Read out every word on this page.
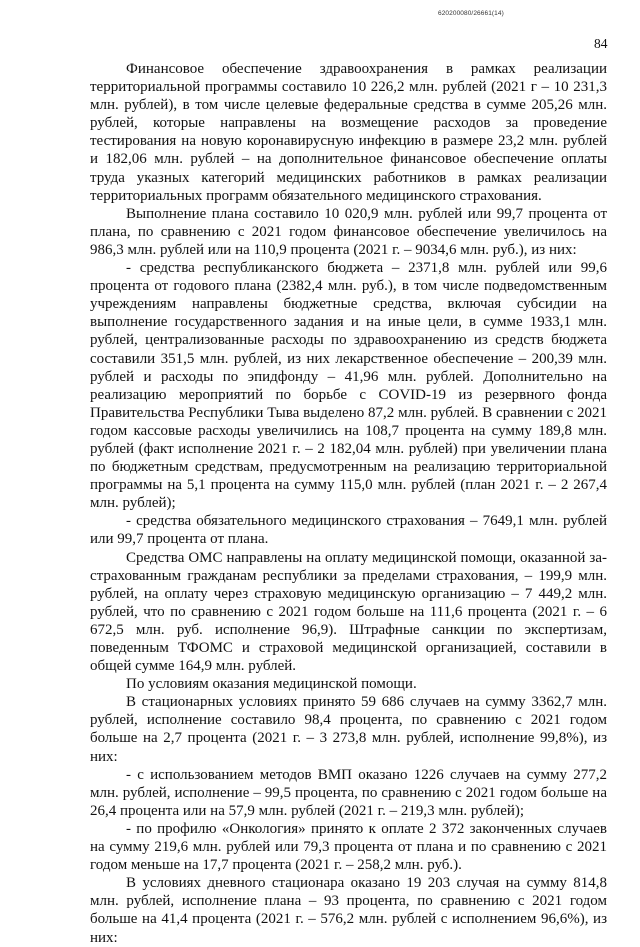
620200080/26661(14)
84

Финансовое обеспечение здравоохранения в рамках реализации территориальной программы составило 10 226,2 млн. рублей (2021 г – 10 231,3 млн. рублей), в том числе целевые федеральные средства в сумме 205,26 млн. рублей, которые направлены на возмещение расходов за проведение тестирования на новую коронавирусную инфекцию в размере 23,2 млн. рублей и 182,06 млн. рублей – на дополнительное финансовое обеспечение оплаты труда указных категорий медицинских работников в рамках реализации территориальных программ обязательного медицинского страхования.

Выполнение плана составило 10 020,9 млн. рублей или 99,7 процента от плана, по сравнению с 2021 годом финансовое обеспечение увеличилось на 986,3 млн. рублей или на 110,9 процента (2021 г. – 9034,6 млн. руб.), из них:

- средства республиканского бюджета – 2371,8 млн. рублей или 99,6 процента от годового плана (2382,4 млн. руб.), в том числе подведомственным учреждениям направлены бюджетные средства, включая субсидии на выполнение государственного задания и на иные цели, в сумме 1933,1 млн. рублей, централизованные расходы по здравоохранению из средств бюджета составили 351,5 млн. рублей, из них лекарственное обеспечение – 200,39 млн. рублей и расходы по эпидфонду – 41,96 млн. рублей. Дополнительно на реализацию мероприятий по борьбе с COVID-19 из резервного фонда Правительства Республики Тыва выделено 87,2 млн. рублей. В сравнении с 2021 годом кассовые расходы увеличились на 108,7 процента на сумму 189,8 млн. рублей (факт исполнение 2021 г. – 2 182,04 млн. рублей) при увеличении плана по бюджетным средствам, предусмотренным на реализацию территориальной программы на 5,1 процента на сумму 115,0 млн. рублей (план 2021 г. – 2 267,4 млн. рублей);

- средства обязательного медицинского страхования – 7649,1 млн. рублей или 99,7 процента от плана.

Средства ОМС направлены на оплату медицинской помощи, оказанной застрахованным гражданам республики за пределами страхования, – 199,9 млн. рублей, на оплату через страховую медицинскую организацию – 7 449,2 млн. рублей, что по сравнению с 2021 годом больше на 111,6 процента (2021 г. – 6 672,5 млн. руб. исполнение 96,9). Штрафные санкции по экспертизам, поведенным ТФОМС и страховой медицинской организацией, составили в общей сумме 164,9 млн. рублей.

По условиям оказания медицинской помощи.

В стационарных условиях принято 59 686 случаев на сумму 3362,7 млн. рублей, исполнение составило 98,4 процента, по сравнению с 2021 годом больше на 2,7 процента (2021 г. – 3 273,8 млн. рублей, исполнение 99,8%), из них:

- с использованием методов ВМП оказано 1226 случаев на сумму 277,2 млн. рублей, исполнение – 99,5 процента, по сравнению с 2021 годом больше на 26,4 процента или на 57,9 млн. рублей (2021 г. – 219,3 млн. рублей);

- по профилю «Онкология» принято к оплате 2 372 законченных случаев на сумму 219,6 млн. рублей или 79,3 процента от плана и по сравнению с 2021 годом меньше на 17,7 процента (2021 г. – 258,2 млн. руб.).

В условиях дневного стационара оказано 19 203 случая на сумму 814,8 млн. рублей, исполнение плана – 93 процента, по сравнению с 2021 годом больше на 41,4 процента (2021 г. – 576,2 млн. рублей с исполнением 96,6%), из них:
